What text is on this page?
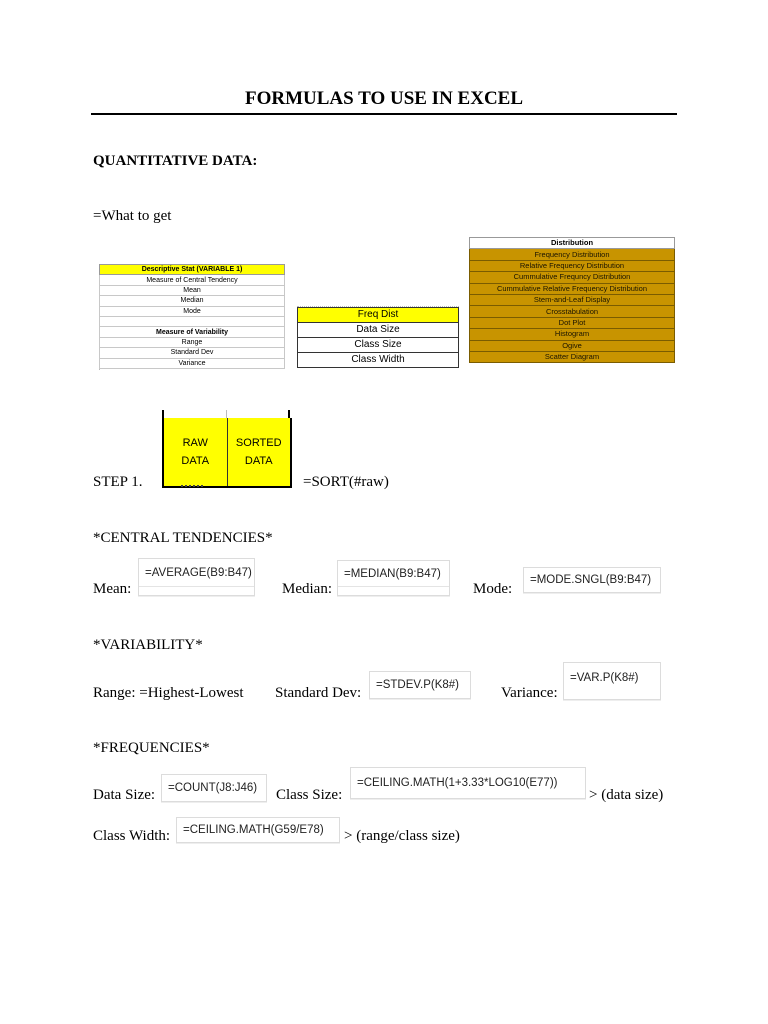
FORMULAS TO USE IN EXCEL
QUANTITATIVE DATA:
=What to get
Descriptive Stat (VARIABLE 1)
Measure of Central Tendency
Mean
Median
Mode

Measure of Variability
Range
Standard Dev
Variance
Freq Dist
Data Size
Class Size
Class Width
Distribution
Frequency Distribution
Relative Frequency Distribution
Cummulative Frequncy Distribution
Cummulative Relative Frequency Distribution
Stem-and-Leaf Display
Crosstabulation
Dot Plot
Histogram
Ogive
Scatter Diagram
STEP 1.
RAW
DATA
SORTED
DATA
=SORT(#raw)
*CENTRAL TENDENCIES*
Mean:
=AVERAGE(B9:B47)
Median:
=MEDIAN(B9:B47)
Mode:
=MODE.SNGL(B9:B47)
*VARIABILITY*
Range: =Highest-Lowest Standard Dev: =STDEV.P(K8#)	Variance:
=VAR.P(K8#)
*FREQUENCIES*
Data Size: =COUNT(J8:J46) Class Size:
=CEILING.MATH(1+3.33*LOG10(E77))
> (data size)
Class Width: =CEILING.MATH(G59/E78) > (range/class size)
